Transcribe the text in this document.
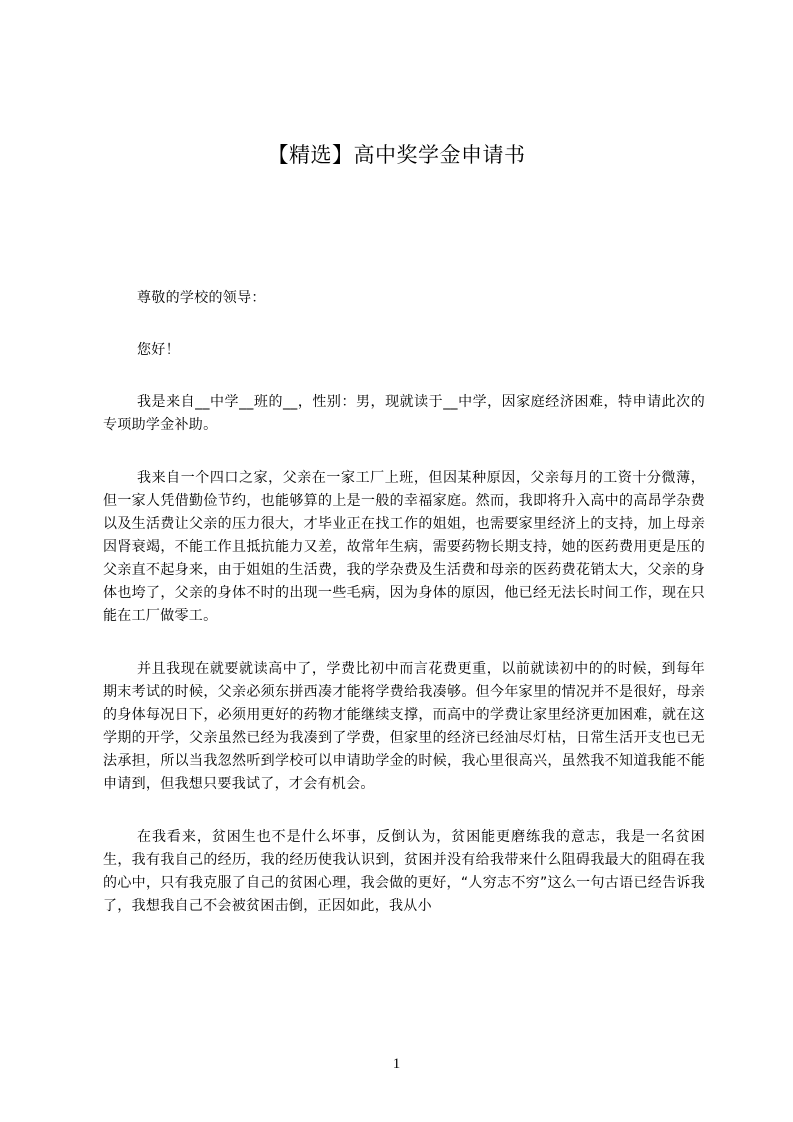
【精选】高中奖学金申请书

尊敬的学校的领导：

您好！

我是来自__中学__班的__，性别：男，现就读于__中学，因家庭经济困难，特申请此次的专项助学金补助。

我来自一个四口之家，父亲在一家工厂上班，但因某种原因，父亲每月的工资十分微薄，但一家人凭借勤俭节约，也能够算的上是一般的幸福家庭。然而，我即将升入高中的高昂学杂费以及生活费让父亲的压力很大，才毕业正在找工作的姐姐，也需要家里经济上的支持，加上母亲因肾衰竭，不能工作且抵抗能力又差，故常年生病，需要药物长期支持，她的医药费用更是压的父亲直不起身来，由于姐姐的生活费，我的学杂费及生活费和母亲的医药费花销太大，父亲的身体也垮了，父亲的身体不时的出现一些毛病，因为身体的原因，他已经无法长时间工作，现在只能在工厂做零工。

并且我现在就要就读高中了，学费比初中而言花费更重，以前就读初中的的时候，到每年期末考试的时候，父亲必须东拼西凑才能将学费给我凑够。但今年家里的情况并不是很好，母亲的身体每况日下，必须用更好的药物才能继续支撑，而高中的学费让家里经济更加困难，就在这学期的开学，父亲虽然已经为我凑到了学费，但家里的经济已经油尽灯枯，日常生活开支也已无法承担，所以当我忽然听到学校可以申请助学金的时候，我心里很高兴，虽然我不知道我能不能申请到，但我想只要我试了，才会有机会。

在我看来，贫困生也不是什么坏事，反倒认为，贫困能更磨练我的意志，我是一名贫困生，我有我自己的经历，我的经历使我认识到，贫困并没有给我带来什么阻碍我最大的阻碍在我的心中，只有我克服了自己的贫困心理，我会做的更好，“人穷志不穷”这么一句古语已经告诉我了，我想我自己不会被贫困击倒，正因如此，我从小

1
